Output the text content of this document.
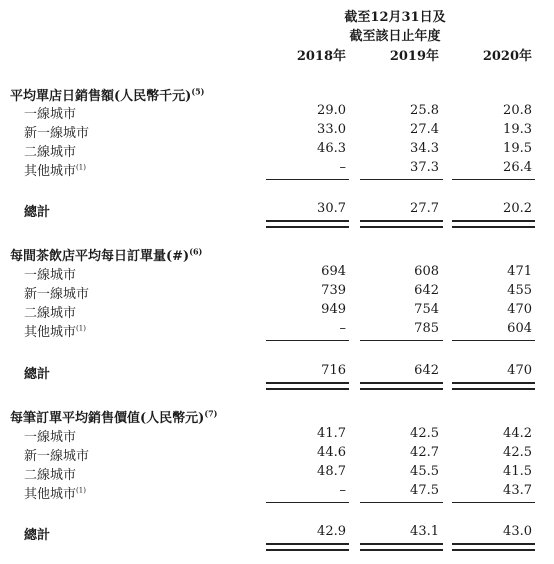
截至12月31日及
截至該日止年度
2018年	2019年	2020年
平均單店日銷售額(人民幣千元)$^{(5)}$
一線城市	29.0	25.8	20.8
新一線城市	33.0	27.4	19.3
二線城市	46.3	34.3	19.5
其他城市$^{(1)}$	–	37.3	26.4
總計	30.7	27.7	20.2
每間茶飲店平均每日訂單量(#)$^{(6)}$
一線城市	694	608	471
新一線城市	739	642	455
二線城市	949	754	470
其他城市$^{(1)}$	–	785	604
總計	716	642	470
每筆訂單平均銷售價值(人民幣元)$^{(7)}$
一線城市	41.7	42.5	44.2
新一線城市	44.6	42.7	42.5
二線城市	48.7	45.5	41.5
其他城市$^{(1)}$	–	47.5	43.7
總計	42.9	43.1	43.0
